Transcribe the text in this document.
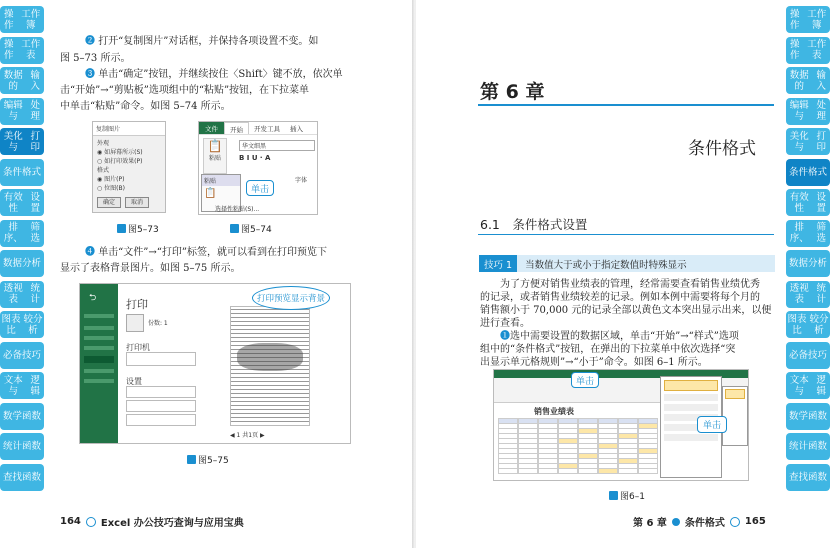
操作
工作簿
操作
工作表
数据的
输入
编辑与
处理
美化与
打印
条件 格式
有效性
设置
排序、
筛选
数据 分析
透视表
统计
图表比
较分析
必备 技巧
文本与
逻辑
数学 函数
统计 函数
查找 函数
❷ 打开“复制图片”对话框，并保持各项设置不变。如
图 5–73 所示。
❸ 单击“确定”按钮，并继续按住〈Shift〉键不放，依次单
击“开始”→“剪贴板”选项组中的“粘贴”按钮，在下拉菜单
中单击“粘贴”命令。如图 5–74 所示。
复制图片
外观
◉ 如屏幕所示(S)
○ 如打印效果(P)
格式
◉ 图片(P)
○ 位图(B)
确定	取消
图5–73
文件	开始	开发工具	插入
📋
粘贴
华文细黑
B I U · A
字体
粘贴
📋
选择性粘贴(S)...
单击
图5–74
❹ 单击“文件”→“打印”标签，就可以看到在打印预览下
显示了表格背景图片。如图 5–75 所示。
⮌	打印
份数: 1
打印机
设置
◀ 1 共1页 ▶
打印预览显示背景
图5–75
164 Excel 办公技巧查询与应用宝典
操作
工作簿
操作
工作表
数据的
输入
编辑与
处理
美化与
打印
条件 格式
有效性
设置
排序、
筛选
数据 分析
透视表
统计
图表比
较分析
必备 技巧
文本与
逻辑
数学 函数
统计 函数
查找 函数
第 6 章
条件格式
6.1　条件格式设置
技巧 1	当数值大于或小于指定数值时特殊显示
为了方便对销售业绩表的管理，经常需要查看销售业绩优秀
的记录，或者销售业绩较差的记录。例如本例中需要将每个月的
销售额小于 70,000 元的记录全部以黄色文本突出显示出来，以便
进行查看。
❶选中需要设置的数据区域，单击“开始”→“样式”选项
组中的“条件格式”按钮，在弹出的下拉菜单中依次选择“突
出显示单元格规则”→“小于”命令。如图 6–1 所示。
销售业绩表
单击
单击
图6–1
第 6 章 条件格式 165
